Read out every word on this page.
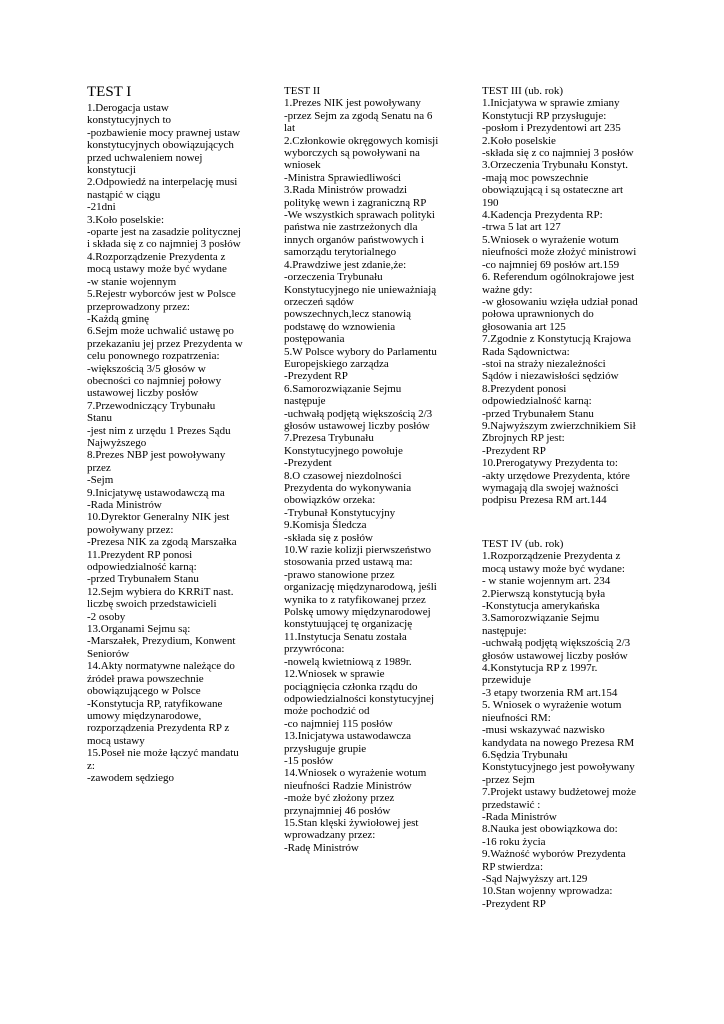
TEST I
1.Derogacja ustaw
konstytucyjnych to
-pozbawienie mocy prawnej ustaw
konstytucyjnych obowiązujących
przed uchwaleniem nowej
konstytucji
2.Odpowiedź na interpelację musi
nastąpić w ciągu
-21dni
3.Koło poselskie:
-oparte jest na zasadzie politycznej
i składa się z co najmniej 3 posłów
4.Rozporządzenie Prezydenta z
mocą ustawy może być wydane
-w stanie wojennym
5.Rejestr wyborców jest w Polsce
przeprowadzony przez:
-Każdą gminę
6.Sejm może uchwalić ustawę po
przekazaniu jej przez Prezydenta w
celu ponownego rozpatrzenia:
-większością 3/5 głosów w
obecności co najmniej połowy
ustawowej liczby posłów
7.Przewodniczący Trybunału
Stanu
-jest nim z urzędu 1 Prezes Sądu
Najwyższego
8.Prezes NBP jest powoływany
przez
-Sejm
9.Inicjatywę ustawodawczą ma
-Rada Ministrów
10.Dyrektor Generalny NIK jest
powoływany przez:
-Prezesa NIK za zgodą Marszałka
11.Prezydent RP ponosi
odpowiedzialność karną:
-przed Trybunałem Stanu
12.Sejm wybiera do KRRiT nast.
liczbę swoich przedstawicieli
-2 osoby
13.Organami Sejmu są:
-Marszałek, Prezydium, Konwent
Seniorów
14.Akty normatywne należące do
źródeł prawa powszechnie
obowiązującego w Polsce
-Konstytucja RP, ratyfikowane
umowy międzynarodowe,
rozporządzenia Prezydenta RP z
mocą ustawy
15.Poseł nie może łączyć mandatu
z:
-zawodem sędziego
TEST II
1.Prezes NIK jest powoływany
-przez Sejm za zgodą Senatu na 6
lat
2.Członkowie okręgowych komisji
wyborczych są powoływani na
wniosek
-Ministra Sprawiedliwości
3.Rada Ministrów prowadzi
politykę wewn i zagraniczną RP
-We wszystkich sprawach polityki
państwa nie zastrzeżonych dla
innych organów państwowych i
samorządu terytorialnego
4.Prawdziwe jest zdanie,że:
-orzeczenia Trybunału
Konstytucyjnego nie unieważniają
orzeczeń sądów
powszechnych,lecz stanowią
podstawę do wznowienia
postępowania
5.W Polsce wybory do Parlamentu
Europejskiego zarządza
-Prezydent RP
6.Samorozwiązanie Sejmu
następuje
-uchwałą podjętą większością 2/3
głosów ustawowej liczby posłów
7.Prezesa Trybunału
Konstytucyjnego powołuje
-Prezydent
8.O czasowej niezdolności
Prezydenta do wykonywania
obowiązków orzeka:
-Trybunał Konstytucyjny
9.Komisja Śledcza
-składa się z posłów
10.W razie kolizji pierwszeństwo
stosowania przed ustawą ma:
-prawo stanowione przez
organizację międzynarodową, jeśli
wynika to z ratyfikowanej przez
Polskę umowy międzynarodowej
konstytuującej tę organizację
11.Instytucja Senatu została
przywrócona:
-nowelą kwietniową z 1989r.
12.Wniosek w sprawie
pociągnięcia członka rządu do
odpowiedzialności konstytucyjnej
może pochodzić od
-co najmniej 115 posłów
13.Inicjatywa ustawodawcza
przysługuje grupie
-15 posłów
14.Wniosek o wyrażenie wotum
nieufności Radzie Ministrów
-może być złożony przez
przynajmniej 46 posłów
15.Stan klęski żywiołowej jest
wprowadzany przez:
-Radę Ministrów
TEST III (ub. rok)
1.Inicjatywa w sprawie zmiany
Konstytucji RP przysługuje:
-posłom i Prezydentowi art 235
2.Koło poselskie
-składa się z co najmniej 3 posłów
3.Orzeczenia Trybunału Konstyt.
-mają moc powszechnie
obowiązującą i są ostateczne art
190
4.Kadencja Prezydenta RP:
-trwa 5 lat art 127
5.Wniosek o wyrażenie wotum
nieufności może złożyć ministrowi
-co najmniej 69 posłów art.159
6. Referendum ogólnokrajowe jest
ważne gdy:
-w głosowaniu wzięła udział ponad
połowa uprawnionych do
głosowania art 125
7.Zgodnie z Konstytucją Krajowa
Rada Sądownictwa:
-stoi na straży niezależności
Sądów i niezawisłości sędziów
8.Prezydent ponosi
odpowiedzialność karną:
-przed Trybunałem Stanu
9.Najwyższym zwierzchnikiem Sił
Zbrojnych RP jest:
-Prezydent RP
10.Prerogatywy Prezydenta to:
-akty urzędowe Prezydenta, które
wymagają dla swojej ważności
podpisu Prezesa RM art.144
TEST IV (ub. rok)
1.Rozporządzenie Prezydenta z
mocą ustawy może być wydane:
- w stanie wojennym art. 234
2.Pierwszą konstytucją była
-Konstytucja amerykańska
3.Samorozwiązanie Sejmu
następuje:
-uchwałą podjętą większością 2/3
głosów ustawowej liczby posłów
4.Konstytucja RP z 1997r.
przewiduje
-3 etapy tworzenia RM art.154
5. Wniosek o wyrażenie wotum
nieufności RM:
-musi wskazywać nazwisko
kandydata na nowego Prezesa RM
6.Sędzia Trybunału
Konstytucyjnego jest powoływany
-przez Sejm
7.Projekt ustawy budżetowej może
przedstawić :
-Rada Ministrów
8.Nauka jest obowiązkowa do:
-16 roku życia
9.Ważność wyborów Prezydenta
RP stwierdza:
-Sąd Najwyższy art.129
10.Stan wojenny wprowadza:
-Prezydent RP
